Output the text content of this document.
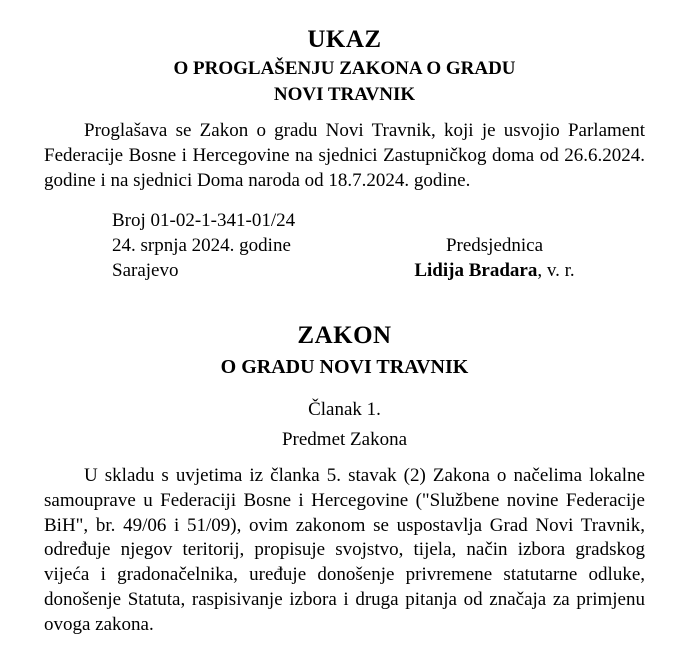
UKAZ
O PROGLAŠENJU ZAKONA O GRADU
NOVI TRAVNIK

Proglašava se Zakon o gradu Novi Travnik, koji je usvojio Parlament Federacije Bosne i Hercegovine na sjednici Zastupničkog doma od 26.6.2024. godine i na sjednici Doma naroda od 18.7.2024. godine.

Broj 01-02-1-341-01/24
24. srpnja 2024. godine
Sarajevo
Predsjednica
Lidija Bradara, v. r.
ZAKON
O GRADU NOVI TRAVNIK
Članak 1.
Predmet Zakona

U skladu s uvjetima iz članka 5. stavak (2) Zakona o načelima lokalne samouprave u Federaciji Bosne i Hercegovine ("Službene novine Federacije BiH", br. 49/06 i 51/09), ovim zakonom se uspostavlja Grad Novi Travnik, određuje njegov teritorij, propisuje svojstvo, tijela, način izbora gradskog vijeća i gradonačelnika, uređuje donošenje privremene statutarne odluke, donošenje Statuta, raspisivanje izbora i druga pitanja od značaja za primjenu ovoga zakona.
